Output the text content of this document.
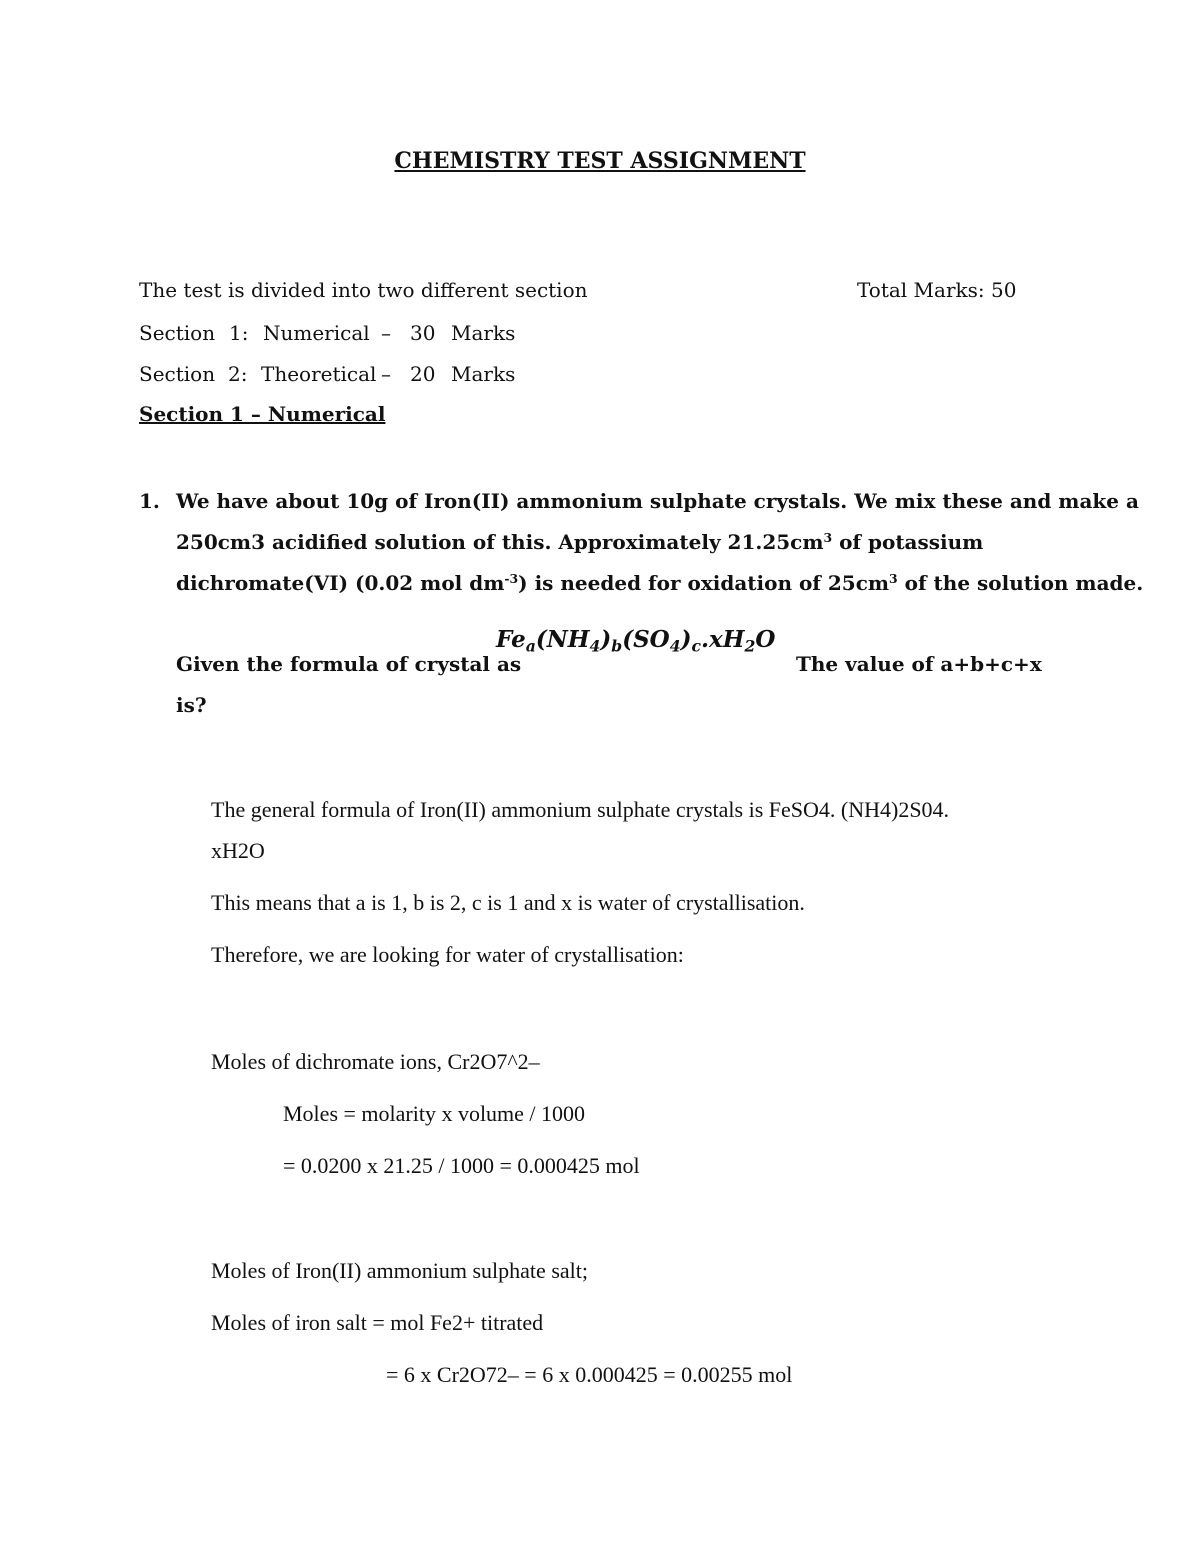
CHEMISTRY TEST ASSIGNMENT
The test is divided into two different section	Total Marks: 50
Section 1: Numerical – 30 Marks
Section 2: Theoretical – 20 Marks
Section 1 – Numerical
1. We have about 10g of Iron(II) ammonium sulphate crystals. We mix these and make a
250cm3 acidified solution of this. Approximately $21.25cm^3$ of potassium
dichromate(VI) (0.02 mol $dm^{-3}$) is needed for oxidation of $25cm^3$ of the solution made.
Given the formula of crystal as
$Fe_a(NH_4)_b(SO_4)_c.xH_2O$
The value of a+b+c+x
is?
The general formula of Iron(II) ammonium sulphate crystals is FeSO4. (NH4)2S04.
xH2O
This means that a is 1, b is 2, c is 1 and x is water of crystallisation.
Therefore, we are looking for water of crystallisation:
Moles of dichromate ions, Cr2O7^2–
Moles = molarity x volume / 1000
= 0.0200 x 21.25 / 1000 = 0.000425 mol
Moles of Iron(II) ammonium sulphate salt;
Moles of iron salt = mol Fe2+ titrated
= 6 x Cr2O72– = 6 x 0.000425 = 0.00255 mol
